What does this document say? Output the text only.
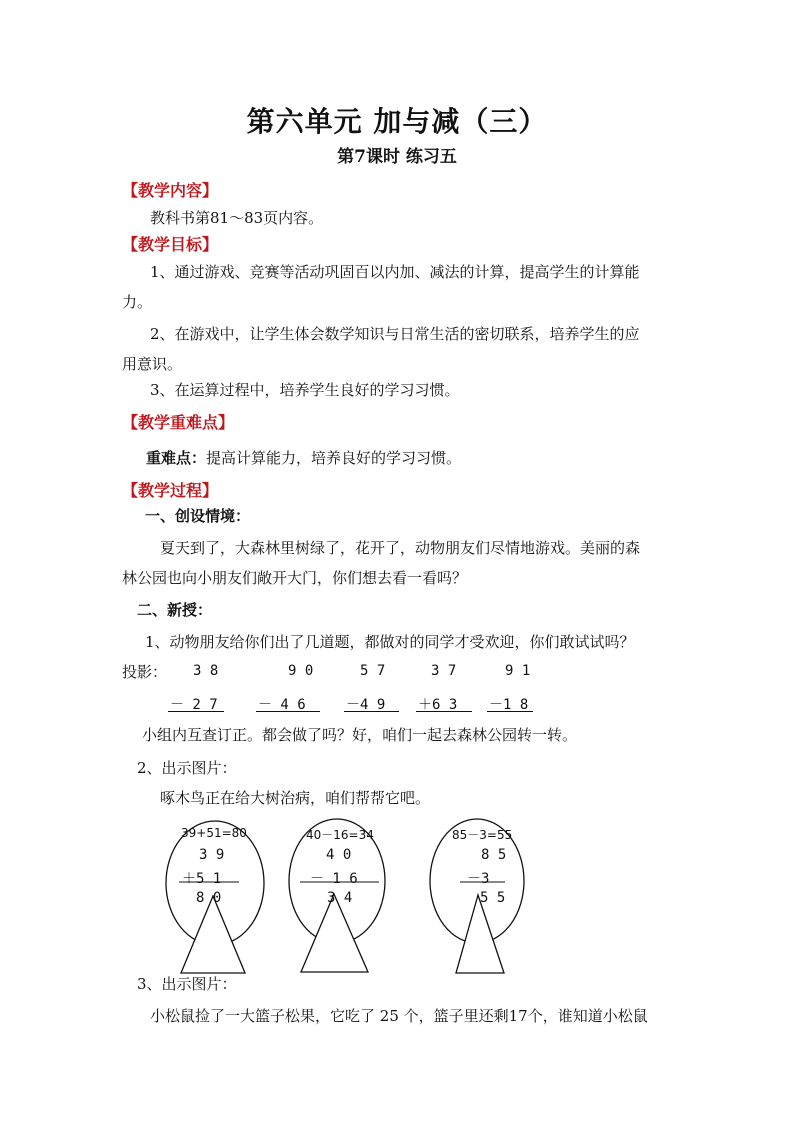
第六单元 加与减（三）
第7课时 练习五
【教学内容】
教科书第81～83页内容。
【教学目标】
1、通过游戏、竞赛等活动巩固百以内加、减法的计算，提高学生的计算能
力。
2、在游戏中，让学生体会数学知识与日常生活的密切联系，培养学生的应
用意识。
3、在运算过程中，培养学生良好的学习习惯。
【教学重难点】
重难点：提高计算能力，培养良好的学习习惯。
【教学过程】
一、创设情境：
夏天到了，大森林里树绿了，花开了，动物朋友们尽情地游戏。美丽的森
林公园也向小朋友们敞开大门，你们想去看一看吗？
二、新授：
1、动物朋友给你们出了几道题，都做对的同学才受欢迎，你们敢试试吗？
投影： 3 8
－ 2 7
9 0
－ 4 6
5 7
－4 9
3 7
＋6 3
9 1
－1 8
小组内互查订正。都会做了吗？好，咱们一起去森林公园转一转。
2、出示图片：
啄木鸟正在给大树治病，咱们帮帮它吧。
39+51=80
3 9
＋5 1
8 0
40－16=34
4 0
－ 1 6
3 4
85－3=55
8 5
－3
5 5
3、出示图片：
小松鼠捡了一大篮子松果，它吃了 25 个，篮子里还剩17个，谁知道小松鼠
